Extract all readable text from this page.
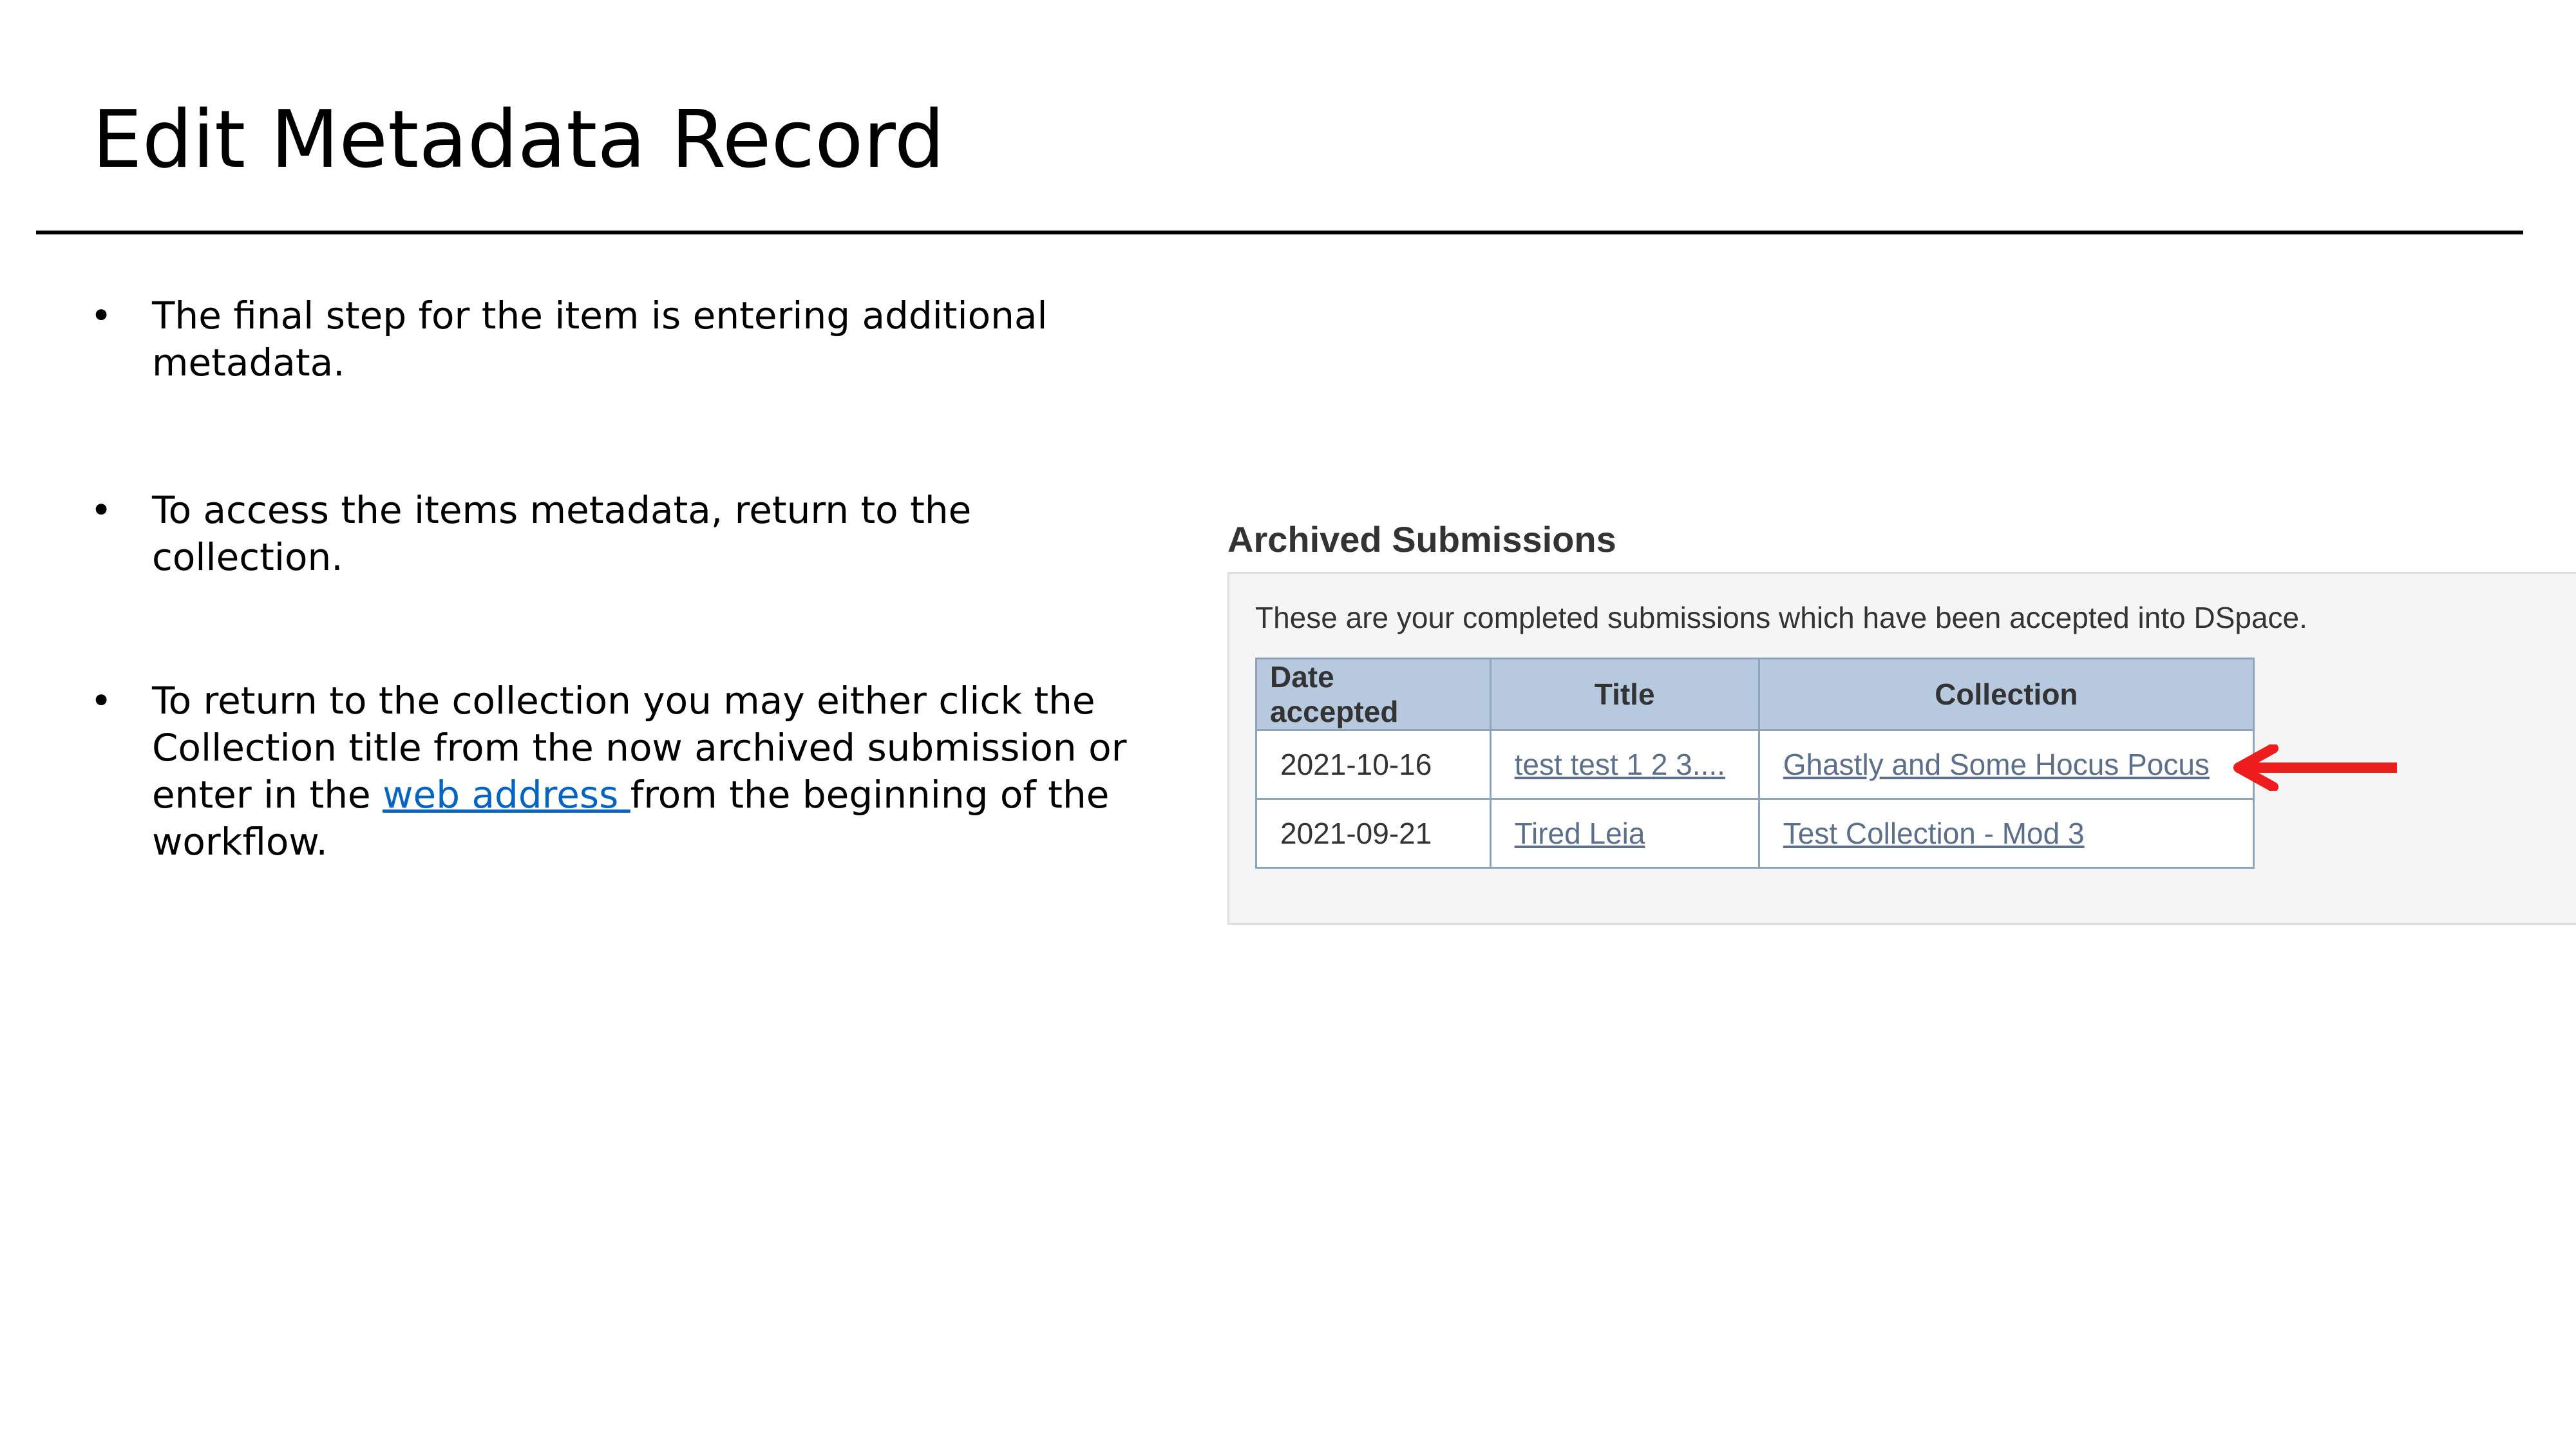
Edit Metadata Record
• The final step for the item is entering additional metadata.
• To access the items metadata, return to the collection.
• To return to the collection you may either click the Collection title from the now archived submission or enter in the web address from the beginning of the workflow.
Archived Submissions

These are your completed submissions which have been accepted into DSpace.

Date accepted	Title	Collection
2021-10-16	test test 1 2 3....	Ghastly and Some Hocus Pocus
2021-09-21	Tired Leia	Test Collection - Mod 3
